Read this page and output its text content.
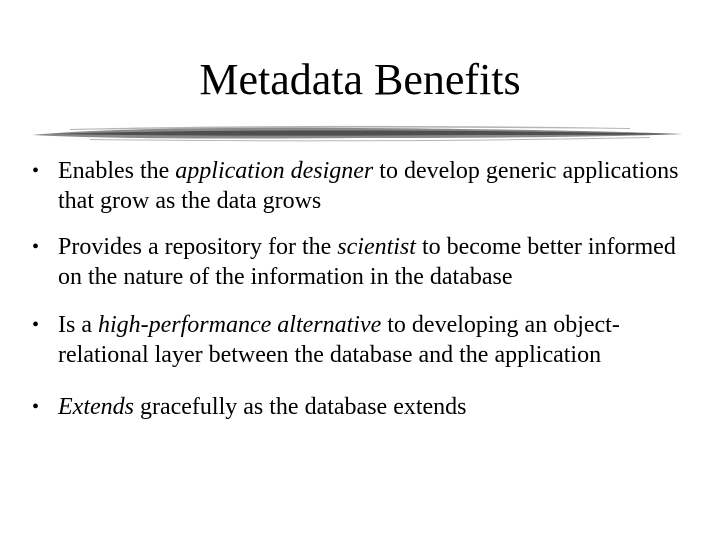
Metadata Benefits
• Enables the application designer to develop generic applications that grow as the data grows
• Provides a repository for the scientist to become better informed on the nature of the information in the database
• Is a high-performance alternative to developing an object-relational layer between the database and the application
• Extends gracefully as the database extends
